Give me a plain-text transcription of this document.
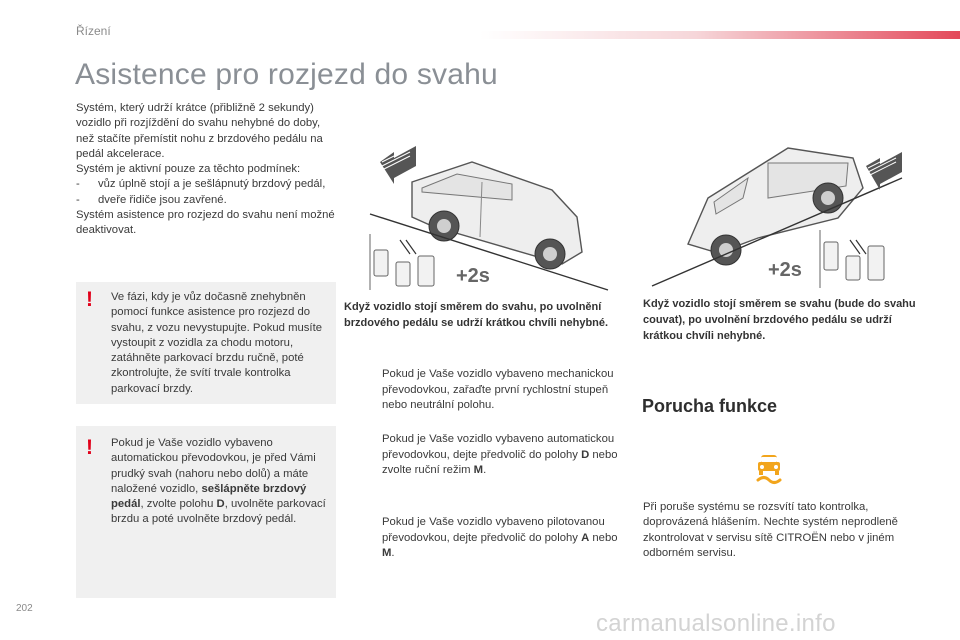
Řízení
Asistence pro rozjezd do svahu
Systém, který udrží krátce (přibližně 2 sekundy) vozidlo při rozjíždění do svahu nehybné do doby, než stačíte přemístit nohu z brzdového pedálu na pedál akcelerace.
Systém je aktivní pouze za těchto podmínek:
-	vůz úplně stojí a je sešlápnutý brzdový pedál,
-	dveře řidiče jsou zavřené.
Systém asistence pro rozjezd do svahu není možné deaktivovat.
! Ve fázi, kdy je vůz dočasně znehybněn pomocí funkce asistence pro rozjezd do svahu, z vozu nevystupujte. Pokud musíte vystoupit z vozidla za chodu motoru, zatáhněte parkovací brzdu ručně, poté zkontrolujte, že svítí trvale kontrolka parkovací brzdy.
! Pokud je Vaše vozidlo vybaveno automatickou převodovkou, je před Vámi prudký svah (nahoru nebo dolů) a máte naložené vozidlo, sešlápněte brzdový pedál, zvolte polohu D, uvolněte parkovací brzdu a poté uvolněte brzdový pedál.
+2s	+2s
Když vozidlo stojí směrem do svahu, po uvolnění brzdového pedálu se udrží krátkou chvíli nehybné.
Když vozidlo stojí směrem se svahu (bude do svahu couvat), po uvolnění brzdového pedálu se udrží krátkou chvíli nehybné.
Pokud je Vaše vozidlo vybaveno mechanickou převodovkou, zařaďte první rychlostní stupeň nebo neutrální polohu.
Pokud je Vaše vozidlo vybaveno automatickou převodovkou, dejte předvolič do polohy D nebo zvolte ruční režim M.
Pokud je Vaše vozidlo vybaveno pilotovanou převodovkou, dejte předvolič do polohy A nebo M.
Porucha funkce
Při poruše systému se rozsvítí tato kontrolka, doprovázená hlášením. Nechte systém neprodleně zkontrolovat v servisu sítě CITROËN nebo v jiném odborném servisu.
202
carmanualsonline.info
